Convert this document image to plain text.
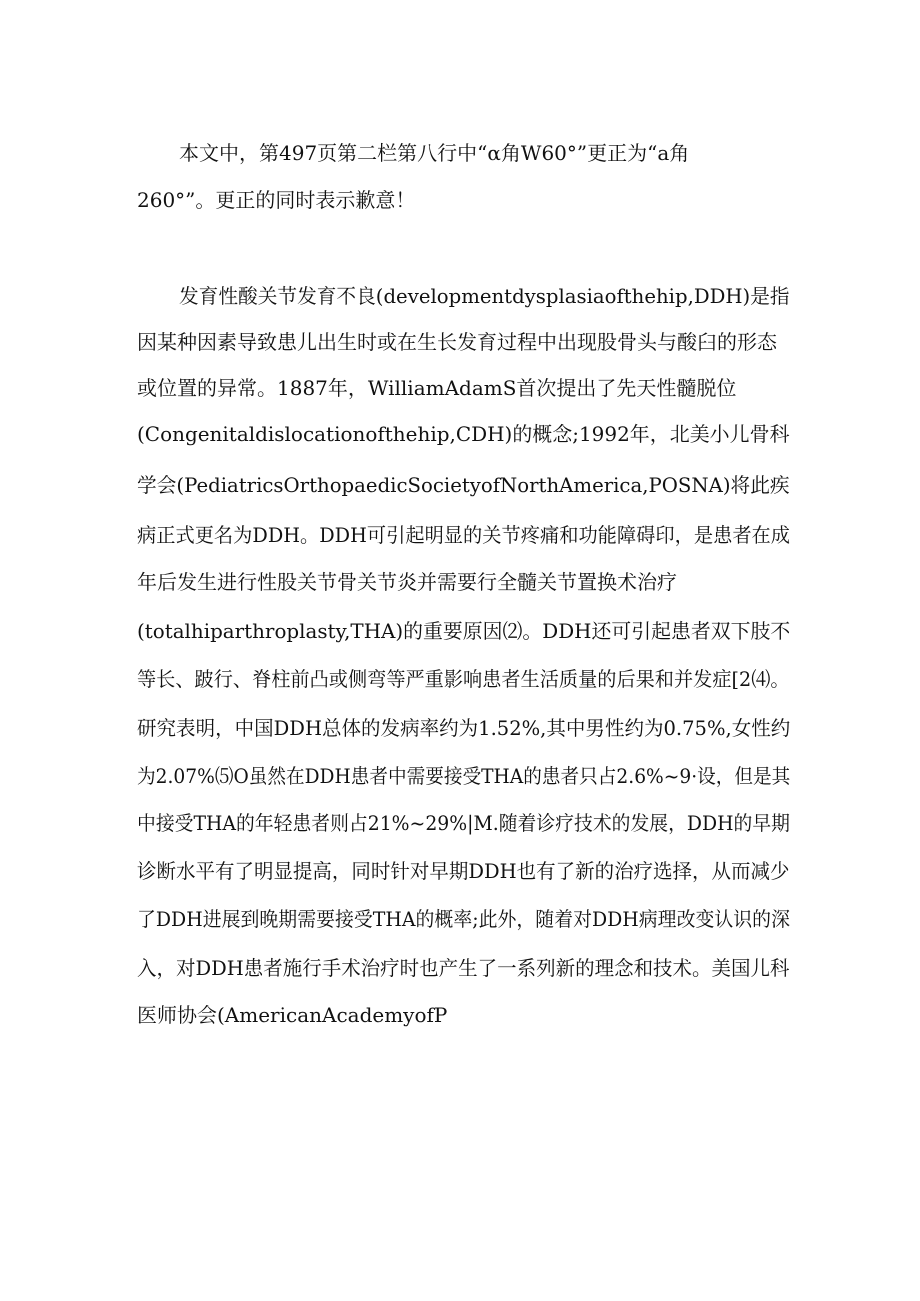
本文中，第497页第二栏第八行中“α角W60°”更正为“a角
260°”。更正的同时表示歉意！
发育性酸关节发育不良(developmentdysplasiaofthehip,DDH)是指
因某种因素导致患儿出生时或在生长发育过程中出现股骨头与酸臼的形态
或位置的异常。1887年，WilliamAdamS首次提出了先天性髓脱位
(Congenitaldislocationofthehip,CDH)的概念;1992年，北美小儿骨科
学会(PediatricsOrthopaedicSocietyofNorthAmerica,POSNA)将此疾
病正式更名为DDH。DDH可引起明显的关节疼痛和功能障碍印，是患者在成
年后发生进行性股关节骨关节炎并需要行全髓关节置换术治疗
(totalhiparthroplasty,THA)的重要原因⑵。DDH还可引起患者双下肢不
等长、跛行、脊柱前凸或侧弯等严重影响患者生活质量的后果和并发症[2⑷。
研究表明，中国DDH总体的发病率约为1.52%,其中男性约为0.75%,女性约
为2.07%⑸O虽然在DDH患者中需要接受THA的患者只占2.6%~9·设，但是其
中接受THA的年轻患者则占21%~29%|M.随着诊疗技术的发展，DDH的早期
诊断水平有了明显提高，同时针对早期DDH也有了新的治疗选择，从而减少
了DDH进展到晚期需要接受THA的概率;此外，随着对DDH病理改变认识的深
入，对DDH患者施行手术治疗时也产生了一系列新的理念和技术。美国儿科
医师协会(AmericanAcademyofP
